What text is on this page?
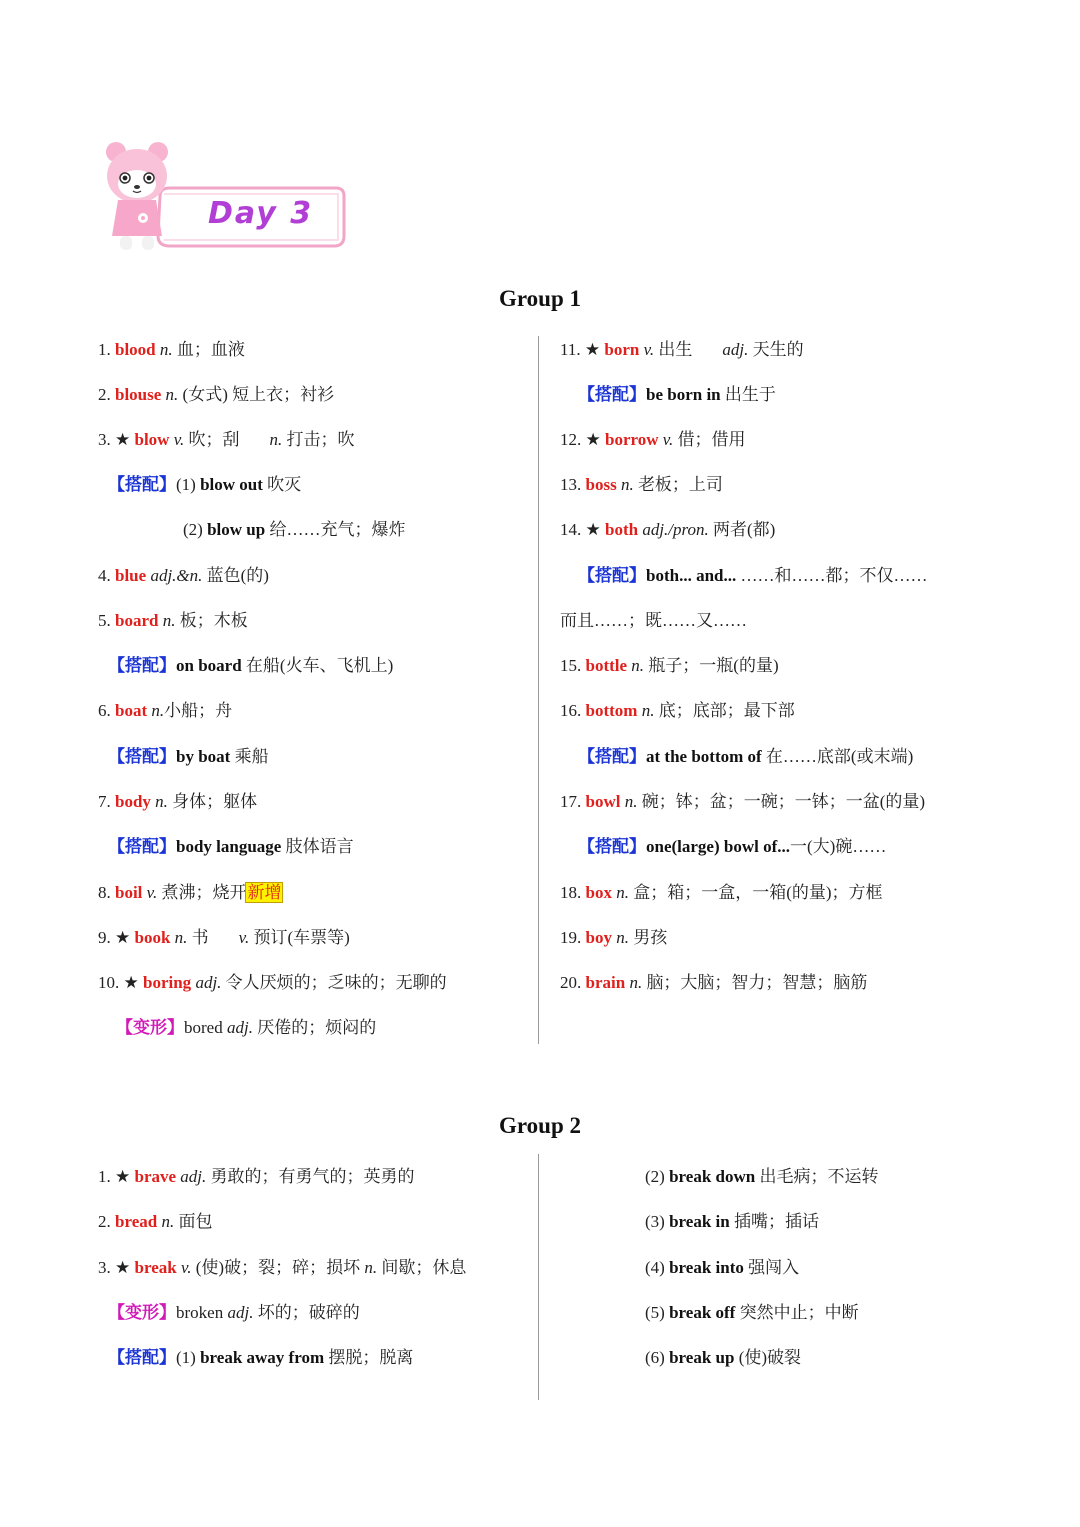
Day 3
Group 1
1. blood n. 血；血液
2. blouse n. (女式) 短上衣；衬衫
3. ★ blow v. 吹；刮 n. 打击；吹
【搭配】(1) blow out 吹灭
(2) blow up 给……充气；爆炸
4. blue adj.&n. 蓝色(的)
5. board n. 板；木板
【搭配】on board 在船(火车、飞机上)
6. boat n.小船；舟
【搭配】by boat 乘船
7. body n. 身体；躯体
【搭配】body language 肢体语言
8. boil v. 煮沸；烧开新增
9. ★ book n. 书 v. 预订(车票等)
10. ★ boring adj. 令人厌烦的；乏味的；无聊的
【变形】bored adj. 厌倦的；烦闷的
11. ★ born v. 出生 adj. 天生的
【搭配】be born in 出生于
12. ★ borrow v. 借；借用
13. boss n. 老板；上司
14. ★ both adj./pron. 两者(都)
【搭配】both... and... ……和……都；不仅……
而且……；既……又……
15. bottle n. 瓶子；一瓶(的量)
16. bottom n. 底；底部；最下部
【搭配】at the bottom of 在……底部(或末端)
17. bowl n. 碗；钵；盆；一碗；一钵；一盆(的量)
【搭配】one(large) bowl of...一(大)碗……
18. box n. 盒；箱；一盒，一箱(的量)；方框
19. boy n. 男孩
20. brain n. 脑；大脑；智力；智慧；脑筋
Group 2
1. ★ brave adj. 勇敢的；有勇气的；英勇的
2. bread n. 面包
3. ★ break v. (使)破；裂；碎；损坏 n. 间歇；休息
【变形】broken adj. 坏的；破碎的
【搭配】(1) break away from 摆脱；脱离
(2) break down 出毛病；不运转
(3) break in 插嘴；插话
(4) break into 强闯入
(5) break off 突然中止；中断
(6) break up (使)破裂
